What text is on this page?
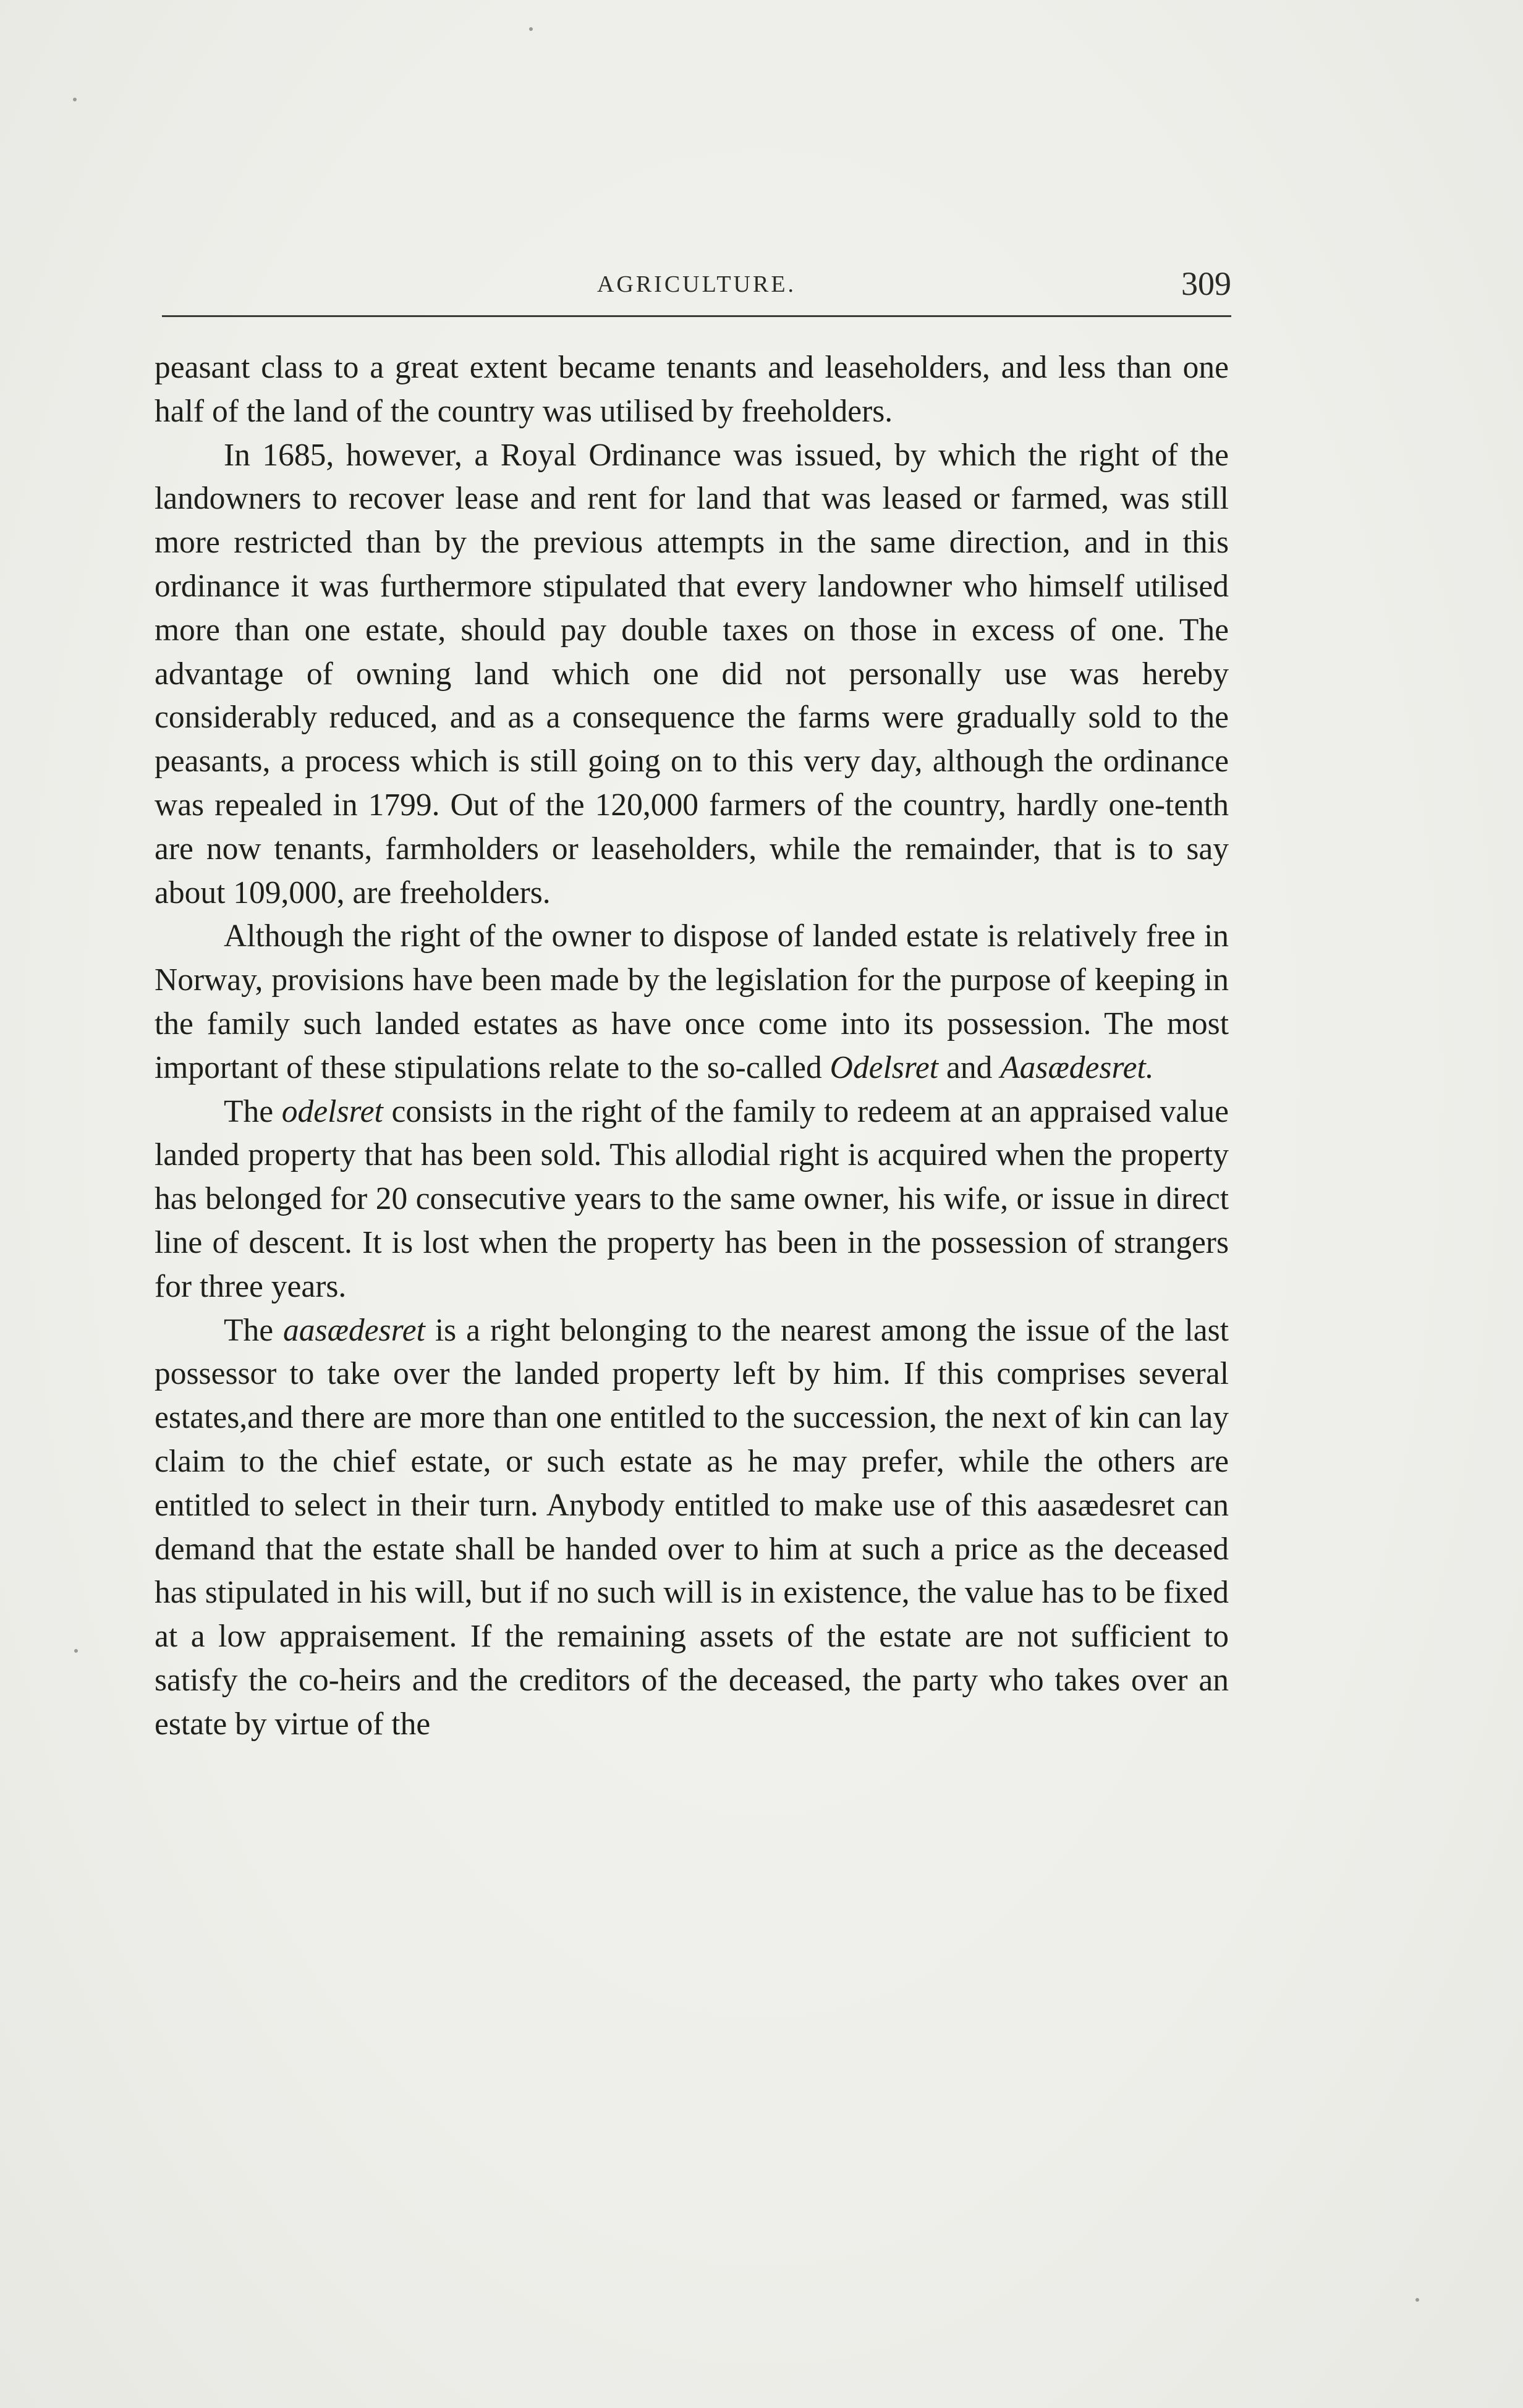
AGRICULTURE.	309

peasant class to a great extent became tenants and leaseholders, and less than one half of the land of the country was utilised by freeholders.

In 1685, however, a Royal Ordinance was issued, by which the right of the landowners to recover lease and rent for land that was leased or farmed, was still more restricted than by the previous attempts in the same direction, and in this ordinance it was furthermore stipulated that every landowner who himself utilised more than one estate, should pay double taxes on those in excess of one. The advantage of owning land which one did not personally use was hereby considerably reduced, and as a consequence the farms were gradually sold to the peasants, a process which is still going on to this very day, although the ordinance was repealed in 1799. Out of the 120,000 farmers of the country, hardly one-tenth are now tenants, farmholders or leaseholders, while the remainder, that is to say about 109,000, are freeholders.

Although the right of the owner to dispose of landed estate is relatively free in Norway, provisions have been made by the legislation for the purpose of keeping in the family such landed estates as have once come into its possession. The most important of these stipulations relate to the so-called Odelsret and Aasædesret.

The odelsret consists in the right of the family to redeem at an appraised value landed property that has been sold. This allodial right is acquired when the property has belonged for 20 consecutive years to the same owner, his wife, or issue in direct line of descent. It is lost when the property has been in the possession of strangers for three years.

The aasædesret is a right belonging to the nearest among the issue of the last possessor to take over the landed property left by him. If this comprises several estates,and there are more than one entitled to the succession, the next of kin can lay claim to the chief estate, or such estate as he may prefer, while the others are entitled to select in their turn. Anybody entitled to make use of this aasædesret can demand that the estate shall be handed over to him at such a price as the deceased has stipulated in his will, but if no such will is in existence, the value has to be fixed at a low appraisement. If the remaining assets of the estate are not sufficient to satisfy the co-heirs and the creditors of the deceased, the party who takes over an estate by virtue of the
